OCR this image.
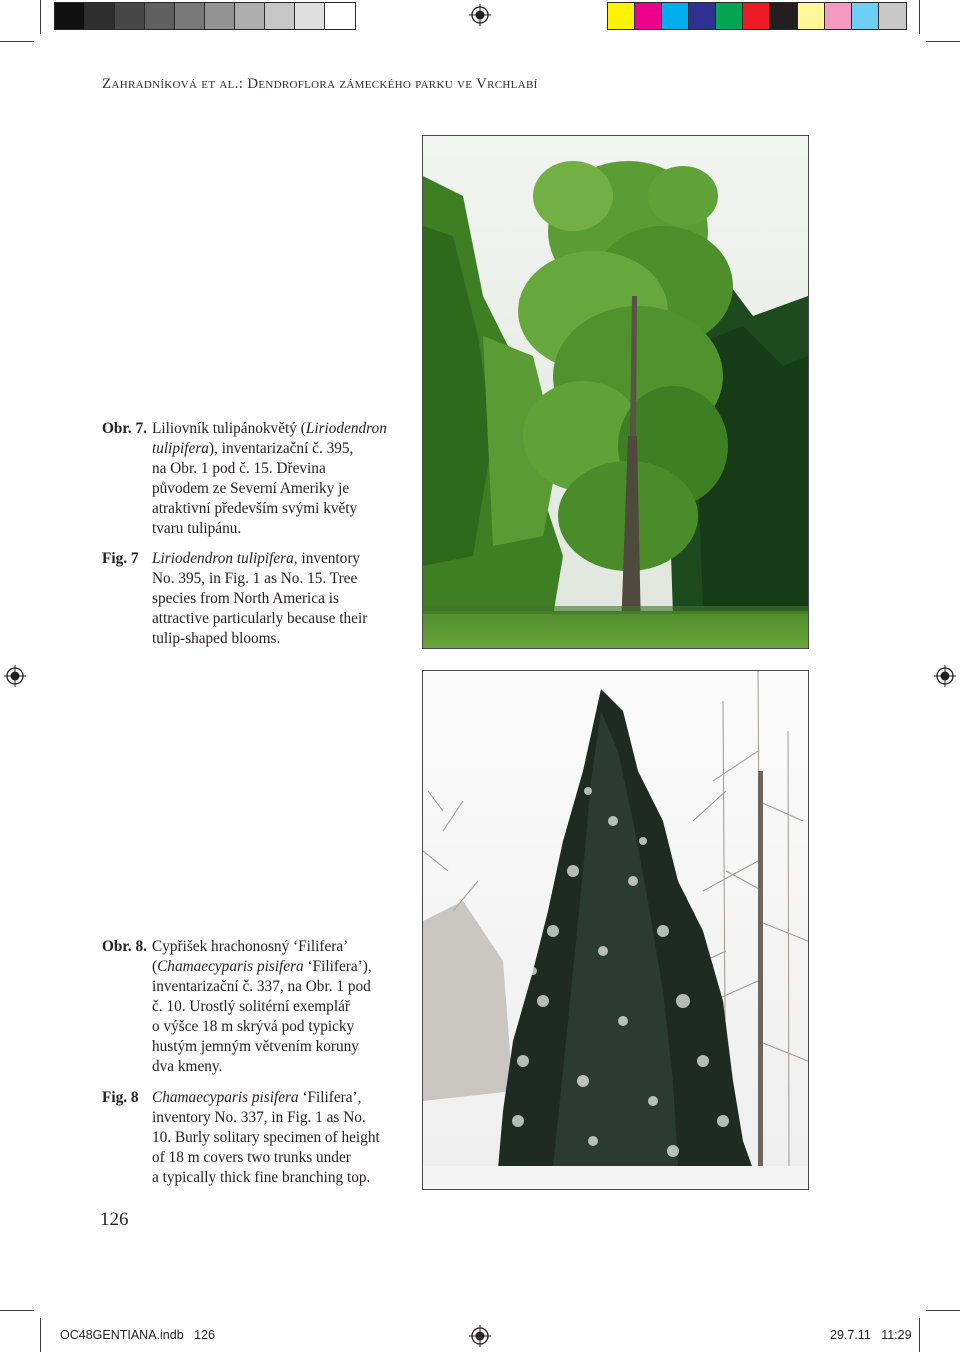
Zahradníková et al.: Dendroflora zámeckého parku ve Vrchlabí
Obr. 7. Liliovník tulipánokvětý (Liriodendron
tulipifera), inventarizační č. 395,
na Obr. 1 pod č. 15. Dřevina
původem ze Severní Ameriky je
atraktivní především svými květy
tvaru tulipánu.
Fig. 7 Liriodendron tulipifera, inventory
No. 395, in Fig. 1 as No. 15. Tree
species from North America is
attractive particularly because their
tulip-shaped blooms.
Obr. 8. Cypřišek hrachonosný ‘Filifera’
(Chamaecyparis pisifera ‘Filifera’),
inventarizační č. 337, na Obr. 1 pod
č. 10. Urostlý solitérní exemplář
o výšce 18 m skrývá pod typicky
hustým jemným větvením koruny
dva kmeny.
Fig. 8 Chamaecyparis pisifera ‘Filifera’,
inventory No. 337, in Fig. 1 as No.
10. Burly solitary specimen of height
of 18 m covers two trunks under
a typically thick fine branching top.
126
OC48GENTIANA.indb   126	29.7.11   11:29
